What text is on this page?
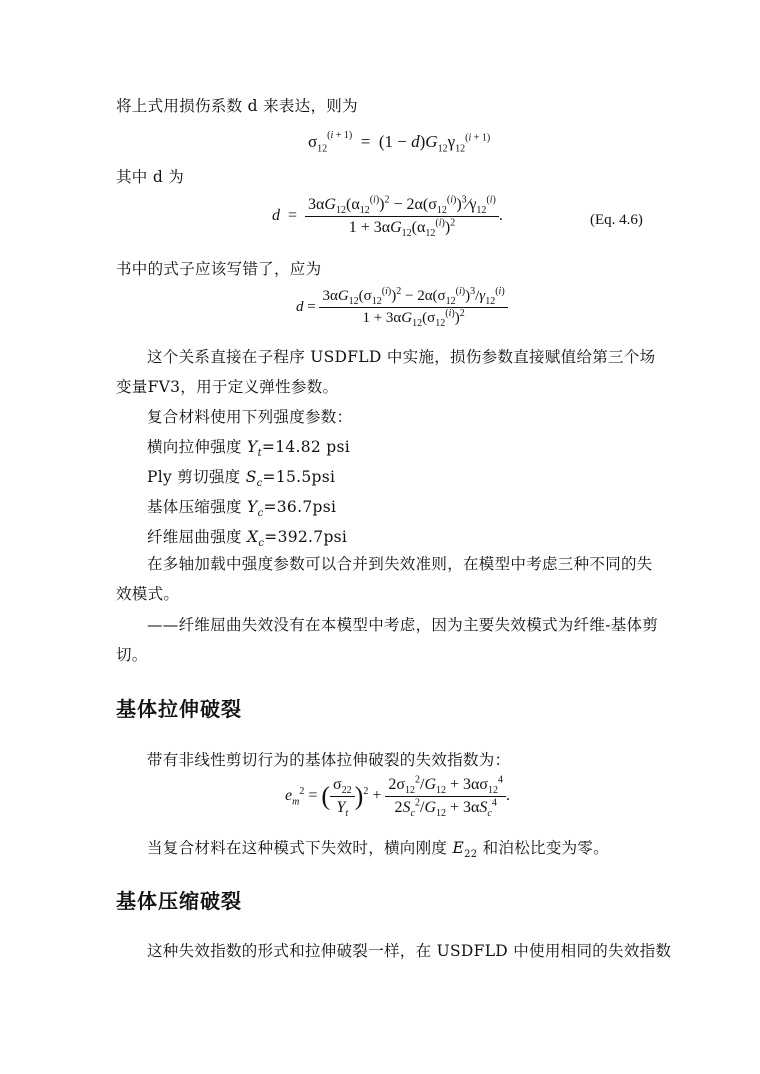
将上式用损伤系数 d 来表达，则为
$\sigma_{12}^{(i + 1)} = (1 - d)G_{12}\gamma_{12}^{(i + 1)}$
其中 d 为
$d = \frac{3\alpha G_{12}(\alpha_{12}^{(i)})^2 - 2\alpha(\sigma_{12}^{(i)})^3⁄\gamma_{12}^{(i)}}{1 + 3\alpha G_{12}(\alpha_{12}^{(i)})^2}$ .	(Eq. 4.6)
书中的式子应该写错了，应为
$d = \frac{3\alpha G_{12}(\sigma_{12}^{(i)})^2 - 2\alpha(\sigma_{12}^{(i)})^3/\gamma_{12}^{(i)}}{1 + 3\alpha G_{12}(\sigma_{12}^{(i)})^2}$
这个关系直接在子程序 USDFLD 中实施，损伤参数直接赋值给第三个场变量FV3，用于定义弹性参数。
复合材料使用下列强度参数：
横向拉伸强度 $Y_t=14.82$ psi
Ply 剪切强度 $S_c=15.5psi$
基体压缩强度 $Y_c=36.7psi$
纤维屈曲强度 $X_c=392.7psi$
在多轴加载中强度参数可以合并到失效准则，在模型中考虑三种不同的失效模式。
——纤维屈曲失效没有在本模型中考虑，因为主要失效模式为纤维-基体剪切。
基体拉伸破裂
带有非线性剪切行为的基体拉伸破裂的失效指数为：
$e_m^2$ = ( $\frac{\sigma_{22}}{Y_t} )^2 + \frac{2\sigma_{12}^2/G_{12} + 3\alpha\sigma_{12}^4}{2S_c^2/G_{12} + 3\alpha S_c^4}$ .
当复合材料在这种模式下失效时，横向刚度 $E_{22}$ 和泊松比变为零。
基体压缩破裂
这种失效指数的形式和拉伸破裂一样，在 USDFLD 中使用相同的失效指数
